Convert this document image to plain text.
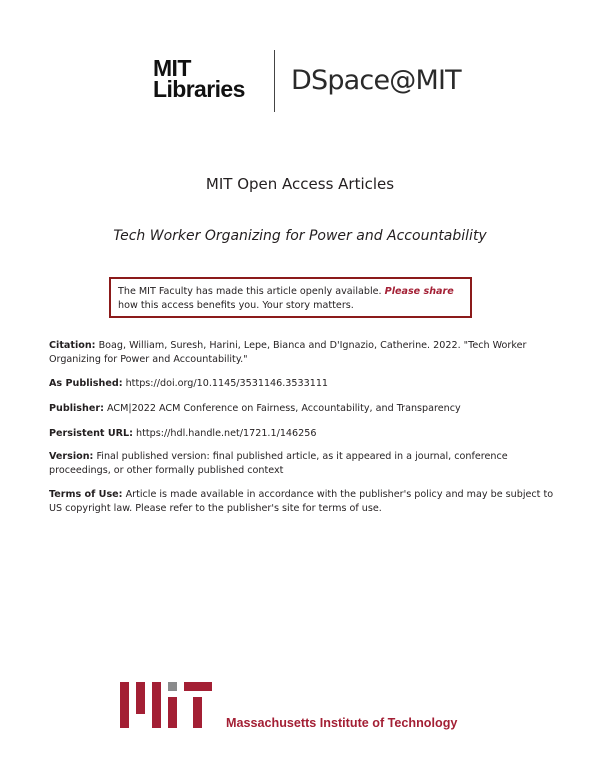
MIT
Libraries DSpace@MIT
MIT Open Access Articles
Tech Worker Organizing for Power and Accountability
The MIT Faculty has made this article openly available. Please share
how this access benefits you. Your story matters.
Citation: Boag, William, Suresh, Harini, Lepe, Bianca and D'Ignazio, Catherine. 2022. "Tech Worker Organizing for Power and Accountability."
As Published: https://doi.org/10.1145/3531146.3533111
Publisher: ACM|2022 ACM Conference on Fairness, Accountability, and Transparency
Persistent URL: https://hdl.handle.net/1721.1/146256
Version: Final published version: final published article, as it appeared in a journal, conference proceedings, or other formally published context
Terms of Use: Article is made available in accordance with the publisher's policy and may be subject to US copyright law. Please refer to the publisher's site for terms of use.
Massachusetts Institute of Technology
